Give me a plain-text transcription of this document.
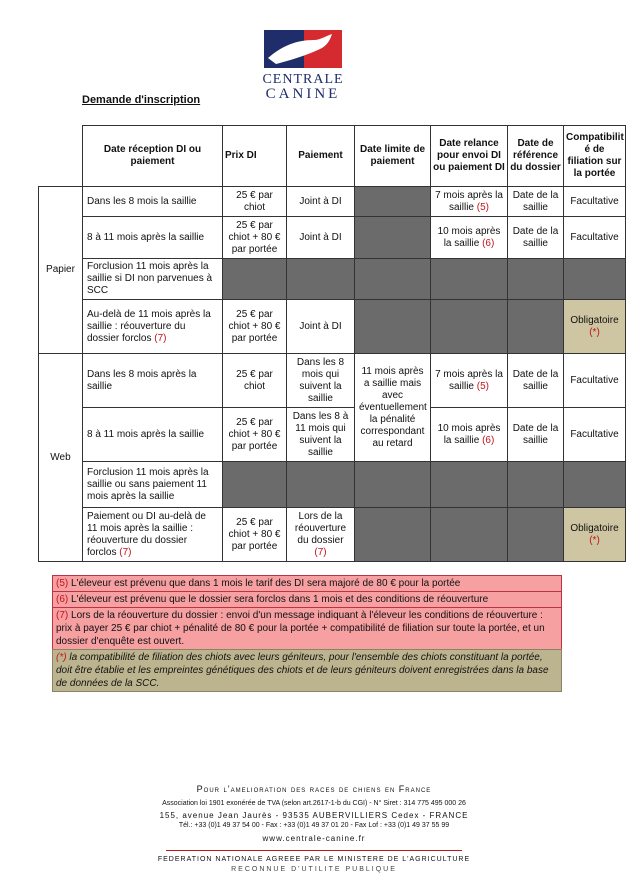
CENTRALE
CANINE
Demande d'inscription
	Date réception DI ou paiement	Prix DI	Paiement	Date limite de paiement	Date relance pour envoi DI ou paiement DI	Date de référence du dossier	Compatibilit é de filiation sur la portée
Papier	Dans les 8 mois la saillie	25 € par chiot	Joint à DI		7 mois après la saillie (5)	Date de la saillie	Facultative
	8 à 11 mois après la saillie	25 € par chiot + 80 € par portée	Joint à DI		10 mois après la saillie (6)	Date de la saillie	Facultative
	Forclusion 11 mois après la saillie si DI non parvenues à SCC						
	Au-delà de 11 mois après la saillie : réouverture du dossier forclos (7)	25 € par chiot + 80 € par portée	Joint à DI				Obligatoire (*)
Web	Dans les 8 mois après la saillie	25 € par chiot	Dans les 8 mois qui suivent la saillie	11 mois après a saillie mais avec éventuellement la pénalité correspondant au retard	7 mois après la saillie (5)	Date de la saillie	Facultative
	8 à 11 mois après la saillie	25 € par chiot + 80 € par portée	Dans les 8 à 11 mois qui suivent la saillie		10 mois après la saillie (6)	Date de la saillie	Facultative
	Forclusion 11 mois après la saillie ou sans paiement 11 mois après la saillie						
	Paiement ou DI au-delà de 11 mois après la saillie : réouverture du dossier forclos (7)	25 € par chiot + 80 € par portée	Lors de la réouverture du dossier (7)				Obligatoire (*)
(5) L'éleveur est prévenu que dans 1 mois le tarif des DI sera majoré de 80 € pour la portée
(6) L'éleveur est prévenu que le dossier sera forclos dans 1 mois et des conditions de réouverture
(7) Lors de la réouverture du dossier : envoi d'un message indiquant à l'éleveur les conditions de réouverture : prix à payer 25 € par chiot + pénalité de 80 € pour la portée + compatibilité de filiation sur toute la portée, et un dossier d'enquête est ouvert.
(*) la compatibilité de filiation des chiots avec leurs géniteurs, pour l'ensemble des chiots constituant la portée, doit être établie et les empreintes génétiques des chiots et de leurs géniteurs doivent enregistrées dans la base de données de la SCC.
Pour l'amelioration des races de chiens en France
Association loi 1901 exonérée de TVA (selon art.2617-1-b du CGI) - N° Siret : 314 775 495 000 26
155, avenue Jean Jaurès - 93535 AUBERVILLIERS Cedex - FRANCE
Tél.: +33 (0)1 49 37 54 00 - Fax : +33 (0)1 49 37 01 20 - Fax Lof : +33 (0)1 49 37 55 99
www.centrale-canine.fr
FEDERATION NATIONALE AGREEE PAR LE MINISTERE DE L'AGRICULTURE
RECONNUE D'UTILITE PUBLIQUE
